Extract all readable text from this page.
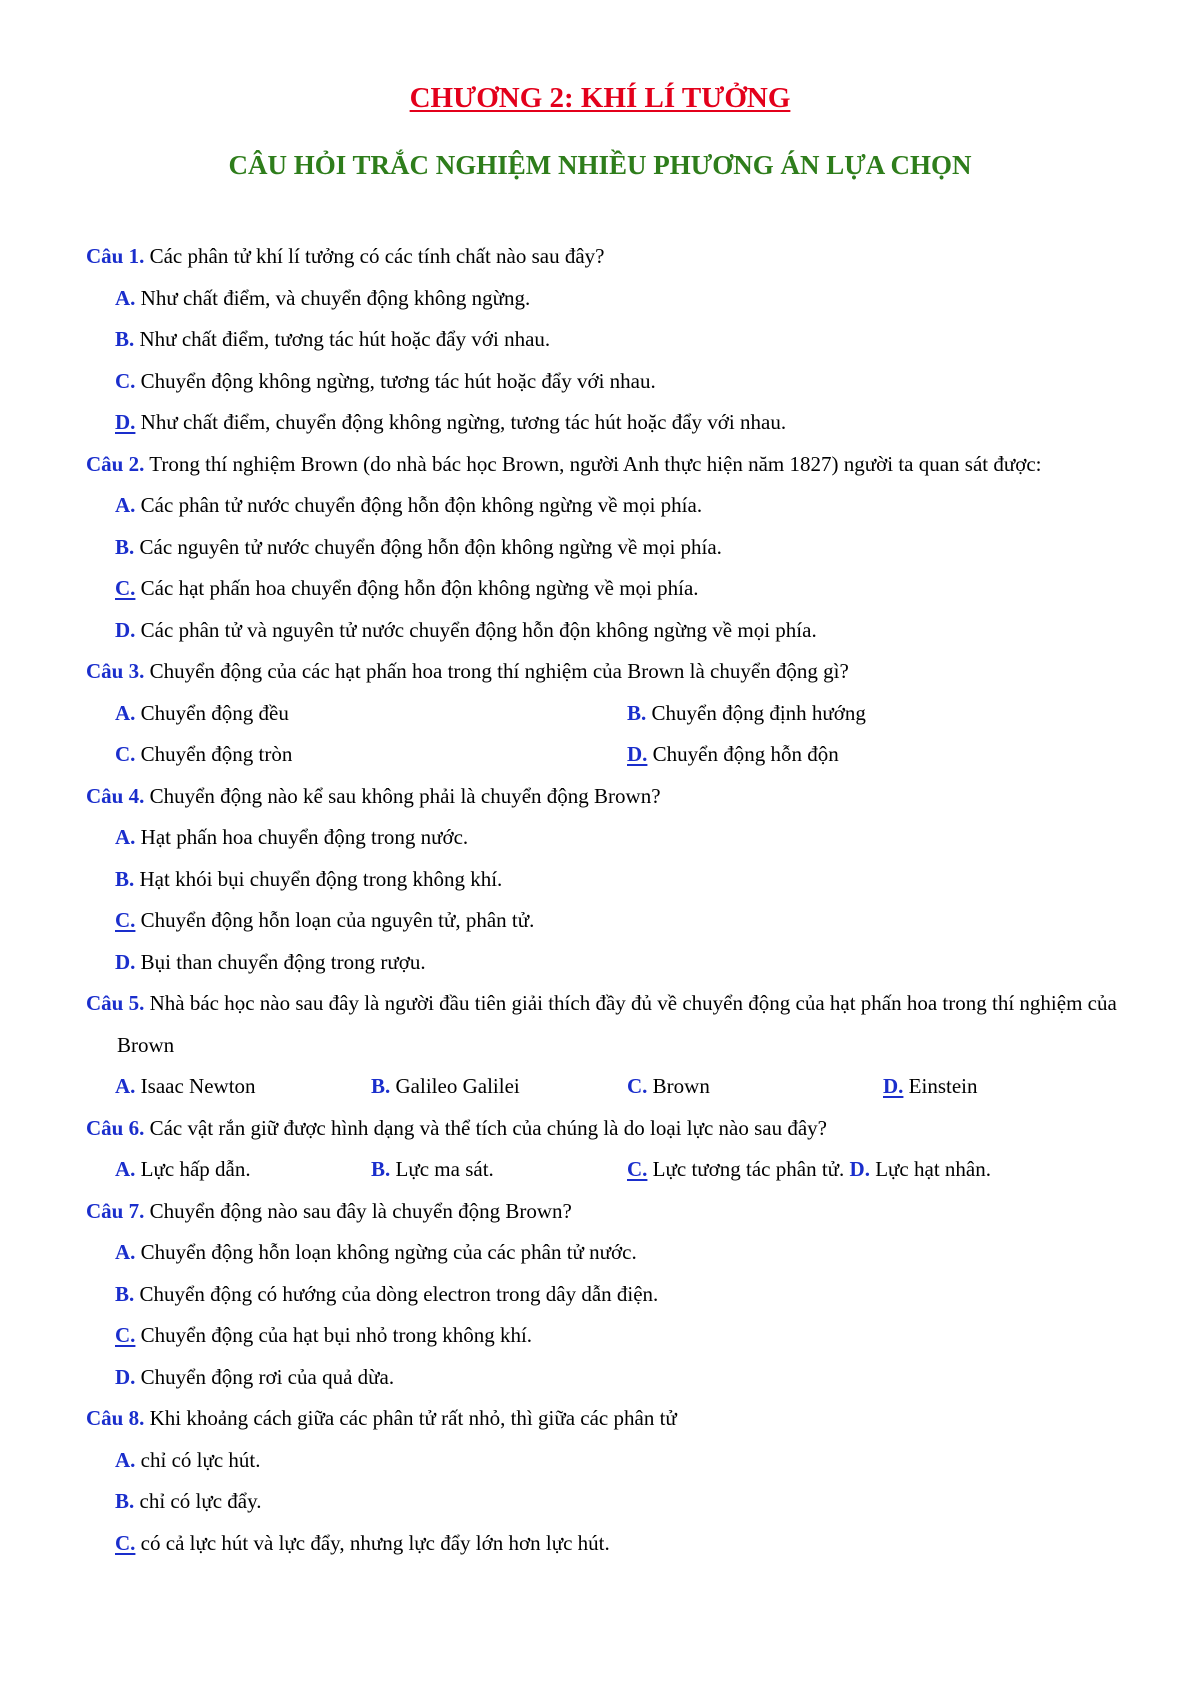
CHƯƠNG 2: KHÍ LÍ TƯỞNG
CÂU HỎI TRẮC NGHIỆM NHIỀU PHƯƠNG ÁN LỰA CHỌN

Câu 1. Các phân tử khí lí tưởng có các tính chất nào sau đây?

A. Như chất điểm, và chuyển động không ngừng.

B. Như chất điểm, tương tác hút hoặc đẩy với nhau.

C. Chuyển động không ngừng, tương tác hút hoặc đẩy với nhau.

D. Như chất điểm, chuyển động không ngừng, tương tác hút hoặc đẩy với nhau.

Câu 2. Trong thí nghiệm Brown (do nhà bác học Brown, người Anh thực hiện năm 1827) người ta quan sát được:

A. Các phân tử nước chuyển động hỗn độn không ngừng về mọi phía.

B. Các nguyên tử nước chuyển động hỗn độn không ngừng về mọi phía.

C. Các hạt phấn hoa chuyển động hỗn độn không ngừng về mọi phía.

D. Các phân tử và nguyên tử nước chuyển động hỗn độn không ngừng về mọi phía.

Câu 3. Chuyển động của các hạt phấn hoa trong thí nghiệm của Brown là chuyển động gì?

A. Chuyển động đều	B. Chuyển động định hướng
C. Chuyển động tròn	D. Chuyển động hỗn độn

Câu 4. Chuyển động nào kể sau không phải là chuyển động Brown?

A. Hạt phấn hoa chuyển động trong nước.

B. Hạt khói bụi chuyển động trong không khí.

C. Chuyển động hỗn loạn của nguyên tử, phân tử.

D. Bụi than chuyển động trong rượu.

Câu 5. Nhà bác học nào sau đây là người đầu tiên giải thích đầy đủ về chuyển động của hạt phấn hoa trong thí nghiệm của Brown

A. Isaac Newton	B. Galileo Galilei	C. Brown	D. Einstein

Câu 6. Các vật rắn giữ được hình dạng và thể tích của chúng là do loại lực nào sau đây?

A. Lực hấp dẫn.	B. Lực ma sát.	C. Lực tương tác phân tử. D. Lực hạt nhân.

Câu 7. Chuyển động nào sau đây là chuyển động Brown?

A. Chuyển động hỗn loạn không ngừng của các phân tử nước.

B. Chuyển động có hướng của dòng electron trong dây dẫn điện.

C. Chuyển động của hạt bụi nhỏ trong không khí.

D. Chuyển động rơi của quả dừa.

Câu 8. Khi khoảng cách giữa các phân tử rất nhỏ, thì giữa các phân tử

A. chỉ có lực hút.

B. chỉ có lực đẩy.

C. có cả lực hút và lực đẩy, nhưng lực đẩy lớn hơn lực hút.
